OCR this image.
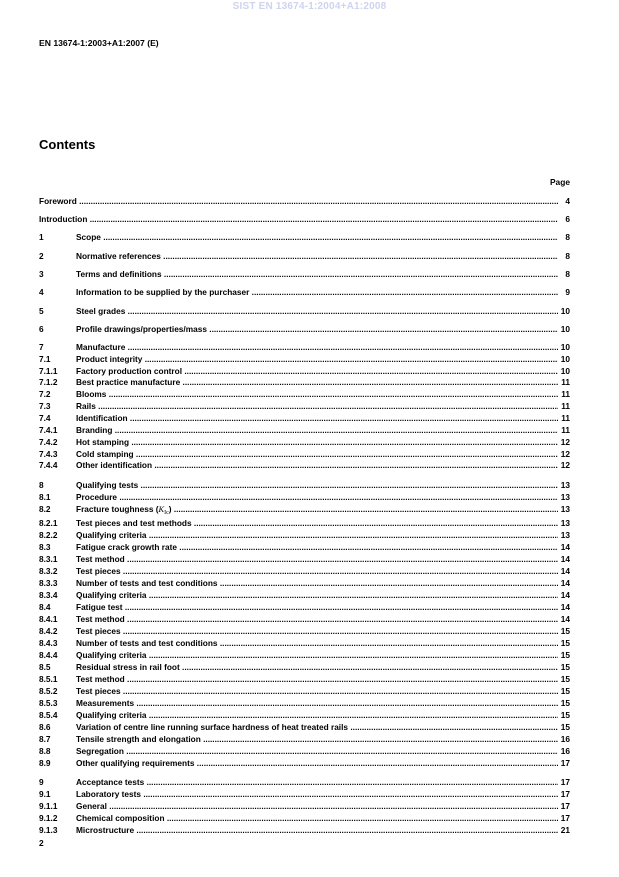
SIST EN 13674-1:2004+A1:2008
EN 13674-1:2003+A1:2007 (E)
Contents
Page
Foreword .....	4
Introduction .....	6
1	Scope .....	8
2	Normative references .....	8
3	Terms and definitions .....	8
4	Information to be supplied by the purchaser .....	9
5	Steel grades .....	10
6	Profile drawings/properties/mass .....	10
7	Manufacture .....	10
7.1	Product integrity .....	10
7.1.1 Factory production control .....	10
7.1.2 Best practice manufacture .....	11
7.2	Blooms .....	11
7.3	Rails .....	11
7.4	Identification .....	11
7.4.1 Branding .....	11
7.4.2 Hot stamping .....	12
7.4.3 Cold stamping .....	12
7.4.4 Other identification .....	12
8	Qualifying tests .....	13
8.1	Procedure .....	13
8.2	Fracture toughness $(K_{Ic})$ .....	13
8.2.1 Test pieces and test methods .....	13
8.2.2 Qualifying criteria .....	13
8.3	Fatigue crack growth rate .....	14
8.3.1 Test method .....	14
8.3.2 Test pieces .....	14
8.3.3 Number of tests and test conditions .....	14
8.3.4 Qualifying criteria .....	14
8.4	Fatigue test .....	14
8.4.1 Test method .....	14
8.4.2 Test pieces .....	15
8.4.3 Number of tests and test conditions .....	15
8.4.4 Qualifying criteria .....	15
8.5	Residual stress in rail foot .....	15
8.5.1 Test method .....	15
8.5.2 Test pieces .....	15
8.5.3 Measurements .....	15
8.5.4 Qualifying criteria .....	15
8.6	Variation of centre line running surface hardness of heat treated rails .....	15
8.7	Tensile strength and elongation .....	16
8.8	Segregation .....	16
8.9	Other qualifying requirements .....	17
9	Acceptance tests .....	17
9.1	Laboratory tests .....	17
9.1.1 General .....	17
9.1.2 Chemical composition .....	17
9.1.3 Microstructure .....	21
2
